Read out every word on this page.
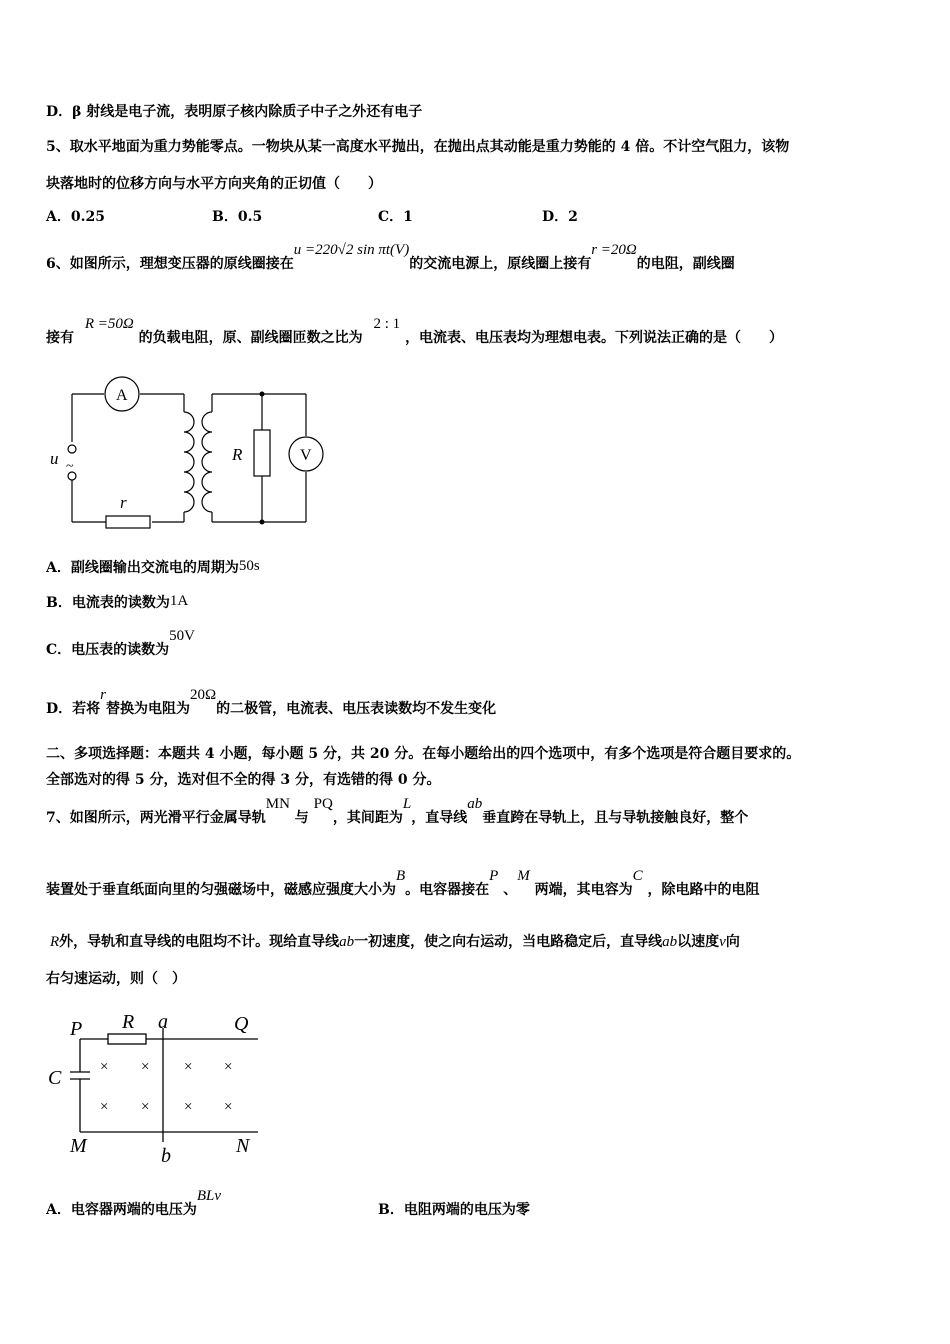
D．β 射线是电子流，表明原子核内除质子中子之外还有电子
5、取水平地面为重力势能零点。一物块从某一高度水平抛出，在抛出点其动能是重力势能的 4 倍。不计空气阻力，该物
块落地时的位移方向与水平方向夹角的正切值（　　）
A．0.25	B．0.5	C．1	D．2
6、如图所示，理想变压器的原线圈接在u =220√2 sin πt(V)的交流电源上，原线圈上接有r =20Ω的电阻，副线圈
接有 R =50Ω 的负载电阻，原、副线圈匝数之比为 2 : 1 ，电流表、电压表均为理想电表。下列说法正确的是（　　）
A
V
u ~
r
R
A．副线圈输出交流电的周期为50s
B．电流表的读数为1A
C．电压表的读数为50V
D．若将r替换为电阻为20Ω的二极管，电流表、电压表读数均不发生变化
二、多项选择题：本题共 4 小题，每小题 5 分，共 20 分。在每小题给出的四个选项中，有多个选项是符合题目要求的。
全部选对的得 5 分，选对但不全的得 3 分，有选错的得 0 分。
7、如图所示，两光滑平行金属导轨MN 与 PQ，其间距为L，直导线ab垂直跨在导轨上，且与导轨接触良好，整个
装置处于垂直纸面向里的匀强磁场中，磁感应强度大小为B。电容器接在P 、M 两端，其电容为C ，除电路中的电阻
R外，导轨和直导线的电阻均不计。现给直导线ab一初速度，使之向右运动，当电路稳定后，直导线ab以速度v向
右匀速运动，则（　）
P R a	Q
C
M	b	N
× × × ×
× × × ×
A．电容器两端的电压为BLv
B．电阻两端的电压为零
